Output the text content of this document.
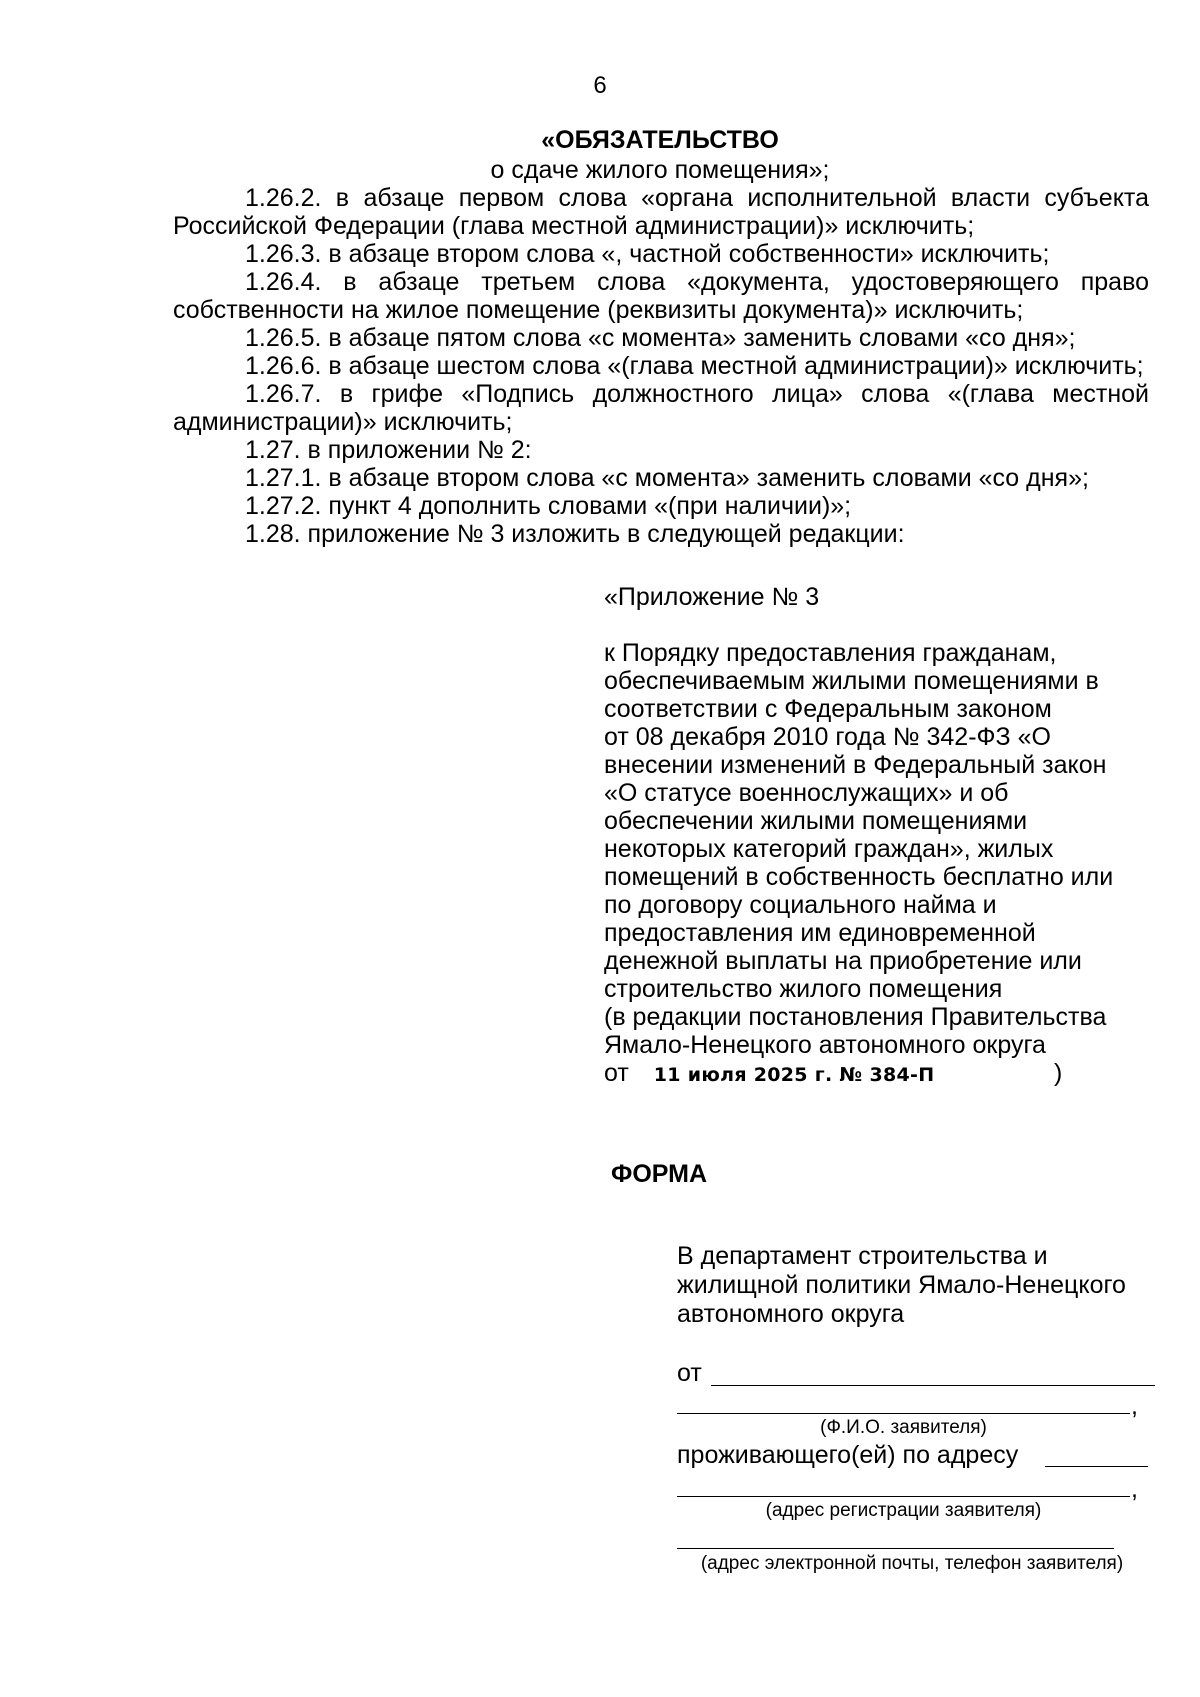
6
«ОБЯЗАТЕЛЬСТВО
о сдаче жилого помещения»;

1.26.2. в абзаце первом слова «органа исполнительной власти субъекта Российской Федерации (глава местной администрации)» исключить;

1.26.3. в абзаце втором слова «, частной собственности» исключить;

1.26.4. в абзаце третьем слова «документа, удостоверяющего право собственности на жилое помещение (реквизиты документа)» исключить;

1.26.5. в абзаце пятом слова «с момента» заменить словами «со дня»;

1.26.6. в абзаце шестом слова «(глава местной администрации)» исключить;

1.26.7. в грифе «Подпись должностного лица» слова «(глава местной администрации)» исключить;

1.27. в приложении № 2:

1.27.1. в абзаце втором слова «с момента» заменить словами «со дня»;

1.27.2. пункт 4 дополнить словами «(при наличии)»;

1.28. приложение № 3 изложить в следующей редакции:

«Приложение № 3
к Порядку предоставления гражданам,
обеспечиваемым жилыми помещениями в
соответствии с Федеральным законом
от 08 декабря 2010 года № 342-ФЗ «О
внесении изменений в Федеральный закон
«О статусе военнослужащих» и об
обеспечении жилыми помещениями
некоторых категорий граждан», жилых
помещений в собственность бесплатно или
по договору социального найма и
предоставления им единовременной
денежной выплаты на приобретение или
строительство жилого помещения
(в редакции постановления Правительства
Ямало-Ненецкого автономного округа
от 11 июля 2025 г. № 384-П	)
ФОРМА
В департамент строительства и
жилищной политики Ямало-Ненецкого
автономного округа
от
,
(Ф.И.О. заявителя)
проживающего(ей) по адресу
,
(адрес регистрации заявителя)
(адрес электронной почты, телефон заявителя)
